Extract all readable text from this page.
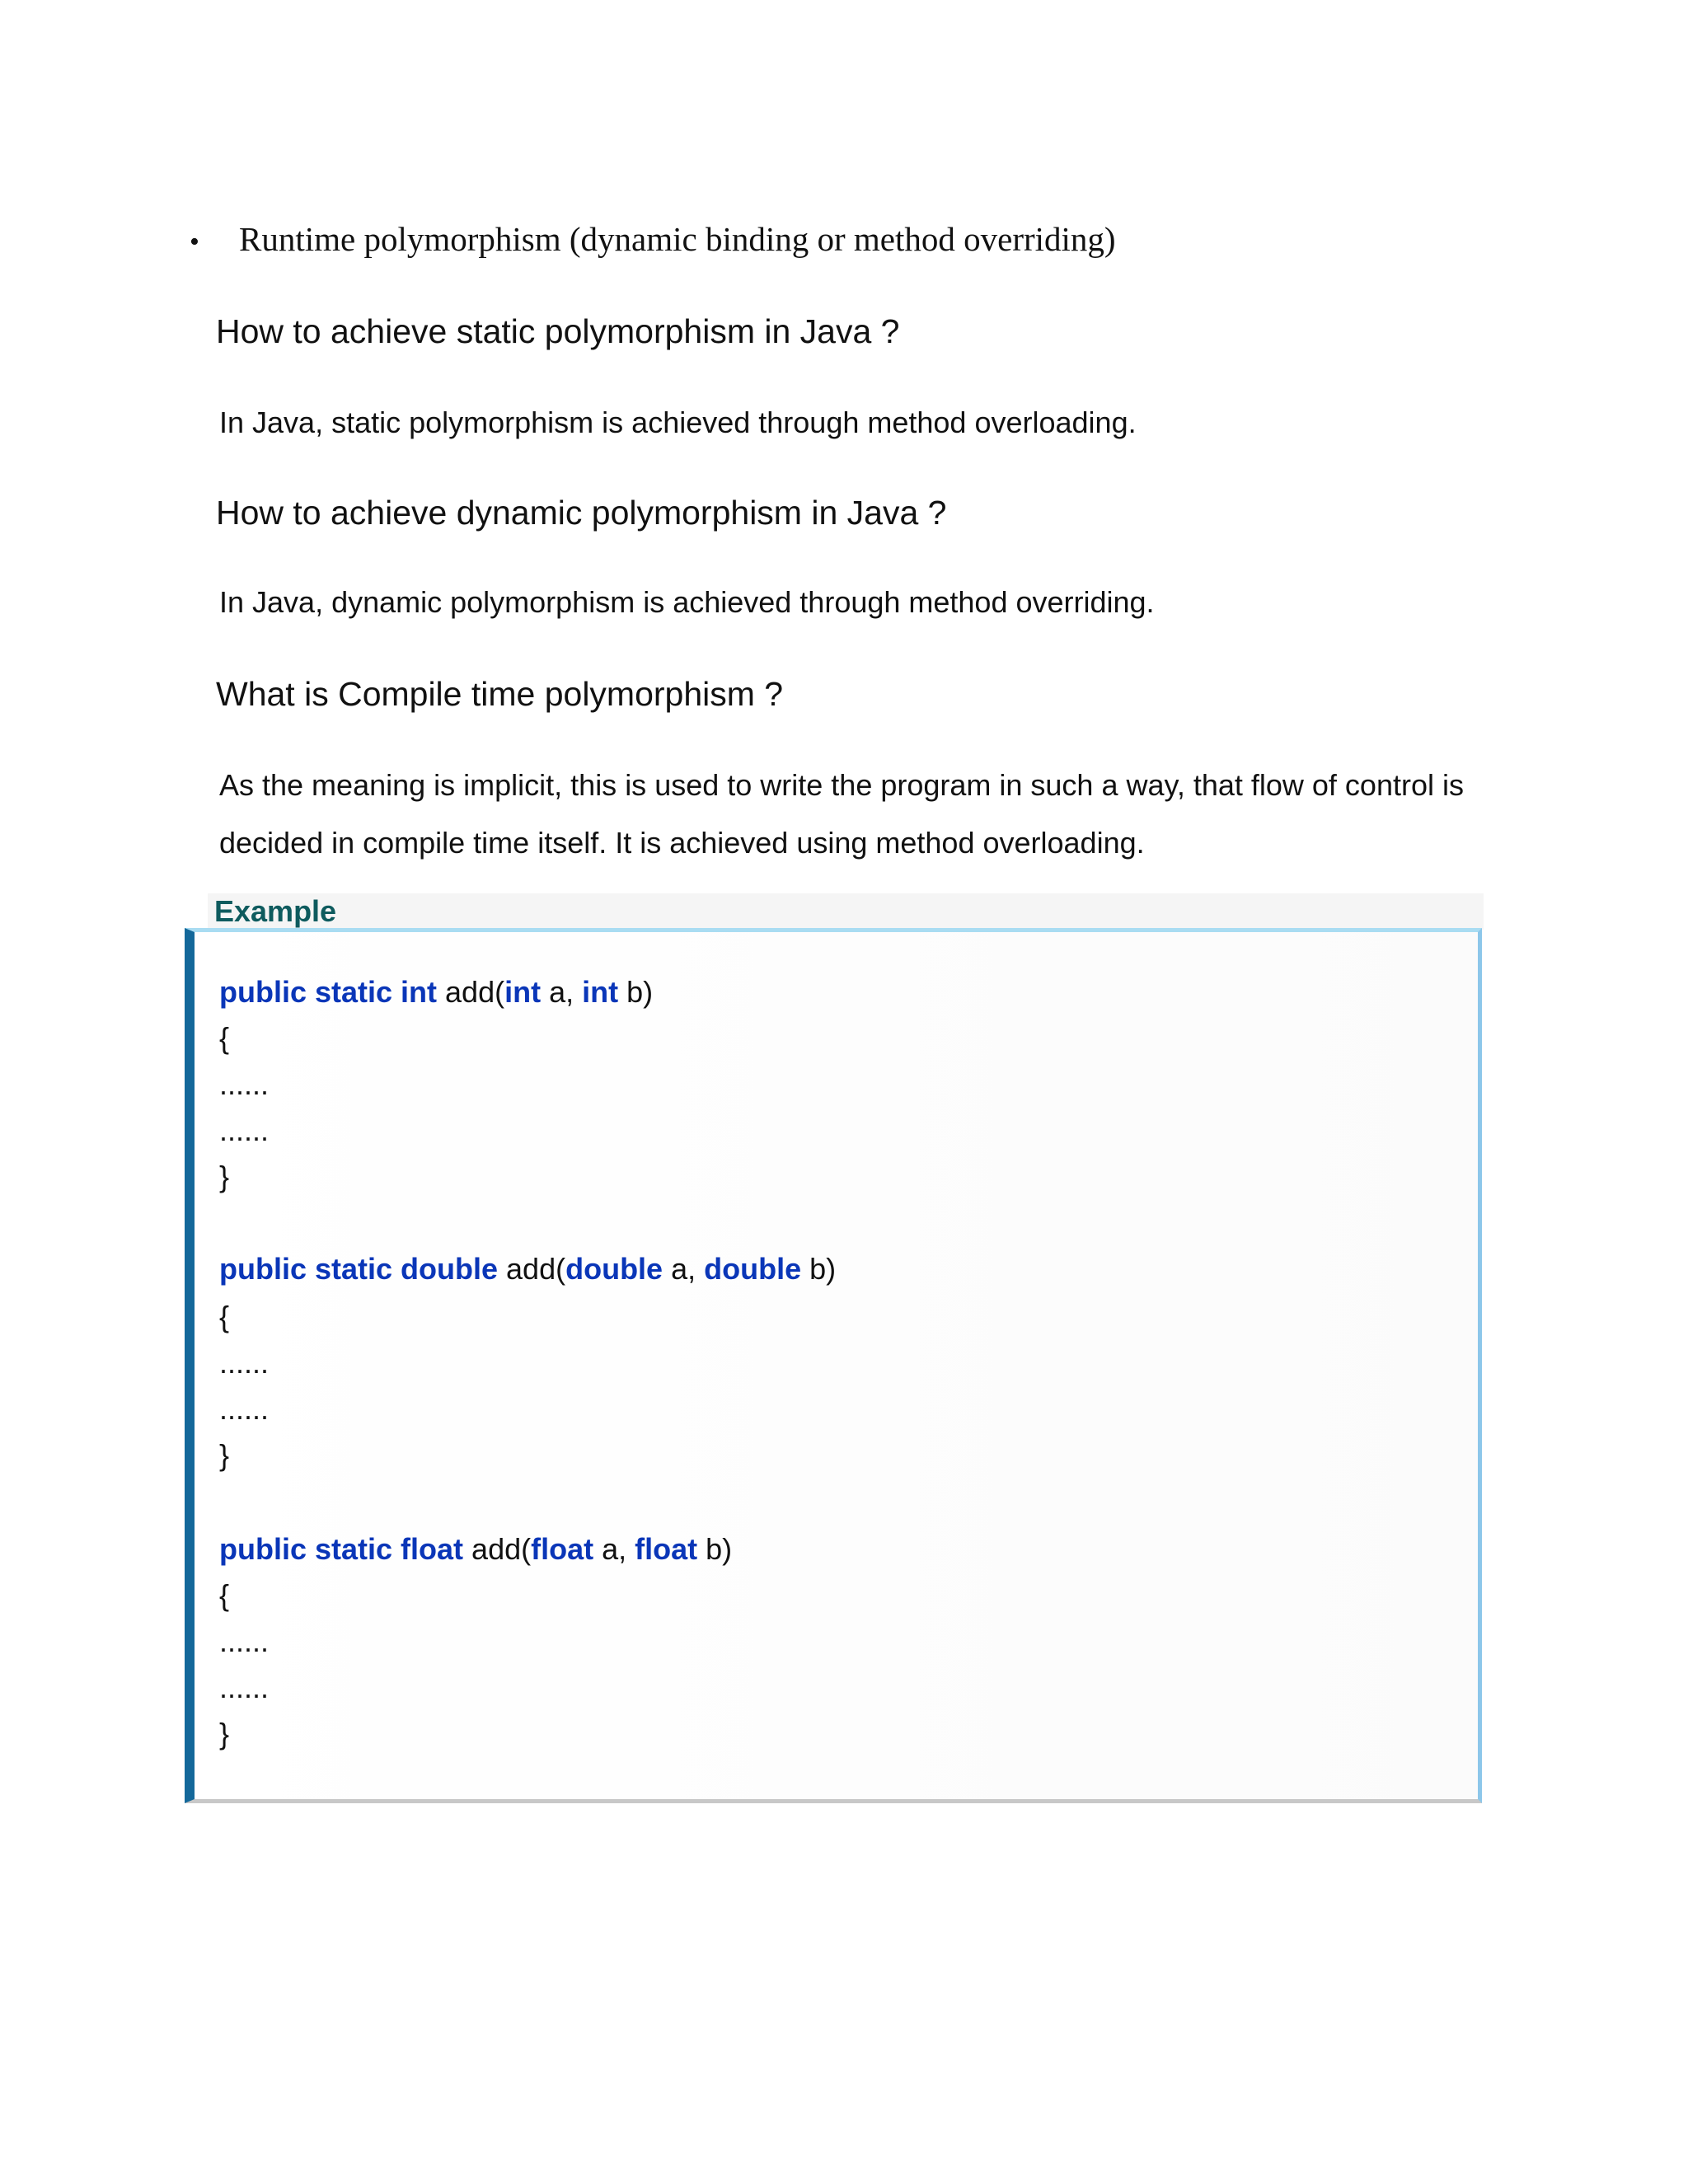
• Runtime polymorphism (dynamic binding or method overriding)
How to achieve static polymorphism in Java ?
In Java, static polymorphism is achieved through method overloading.
How to achieve dynamic polymorphism in Java ?
In Java, dynamic polymorphism is achieved through method overriding.
What is Compile time polymorphism ?
As the meaning is implicit, this is used to write the program in such a way, that flow of control is
decided in compile time itself. It is achieved using method overloading.
Example
public static int add(int a, int b)
{
......
......
}
public static double add(double a, double b)
{
......
......
}
public static float add(float a, float b)
{
......
......
}
